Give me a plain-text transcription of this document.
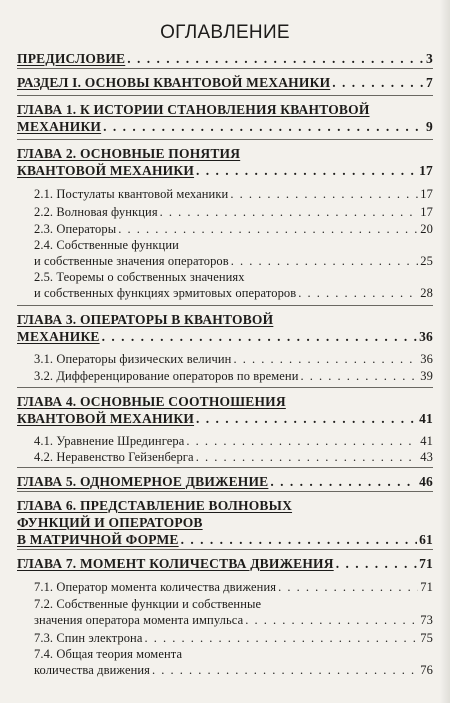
ОГЛАВЛЕНИЕ
ПРЕДИСЛОВИЕ . . .	3
РАЗДЕЛ I. ОСНОВЫ КВАНТОВОЙ МЕХАНИКИ . . .	7
ГЛАВА 1. К ИСТОРИИ СТАНОВЛЕНИЯ КВАНТОВОЙ
МЕХАНИКИ . . .	9
ГЛАВА 2. ОСНОВНЫЕ ПОНЯТИЯ
КВАНТОВОЙ МЕХАНИКИ . . .	17
2.1. Постулаты квантовой механики . . .	17
2.2. Волновая функция . . .	17
2.3. Операторы . . .	20
2.4. Собственные функции
и собственные значения операторов . . .	25
2.5. Теоремы о собственных значениях
и собственных функциях эрмитовых операторов . . .	28
ГЛАВА 3. ОПЕРАТОРЫ В КВАНТОВОЙ
МЕХАНИКЕ . . .	36
3.1. Операторы физических величин . . .	36
3.2. Дифференцирование операторов по времени . . .	39
ГЛАВА 4. ОСНОВНЫЕ СООТНОШЕНИЯ
КВАНТОВОЙ МЕХАНИКИ . . .	41
4.1. Уравнение Шредингера . . .	41
4.2. Неравенство Гейзенберга . . .	43
ГЛАВА 5. ОДНОМЕРНОЕ ДВИЖЕНИЕ . . .	46
ГЛАВА 6. ПРЕДСТАВЛЕНИЕ ВОЛНОВЫХ
ФУНКЦИЙ И ОПЕРАТОРОВ
В МАТРИЧНОЙ ФОРМЕ . . .	61
ГЛАВА 7. МОМЕНТ КОЛИЧЕСТВА ДВИЖЕНИЯ . . .	71
7.1. Оператор момента количества движения . . .	71
7.2. Собственные функции и собственные
значения оператора момента импульса . . .	73
7.3. Спин электрона . . .	75
7.4. Общая теория момента
количества движения . . .	76
